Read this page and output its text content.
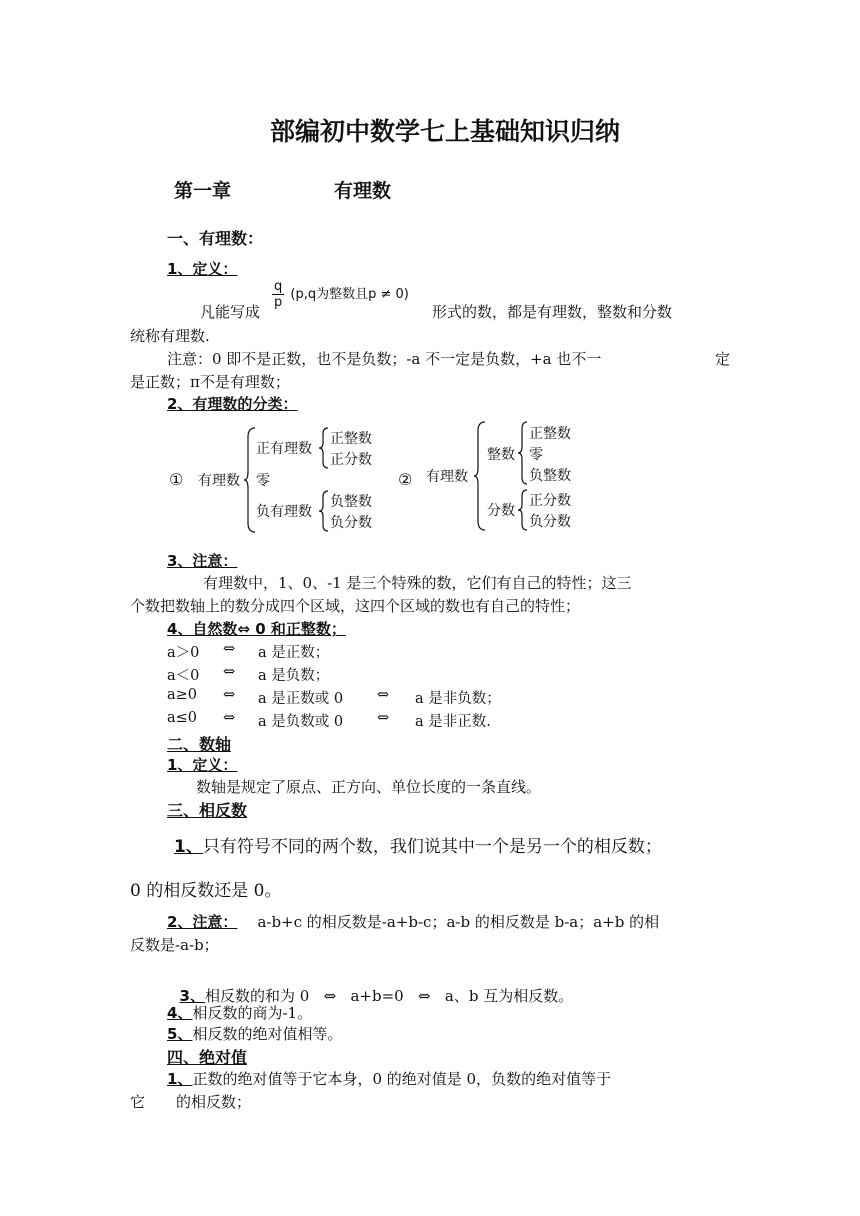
部编初中数学七上基础知识归纳
第一章	有理数
一、有理数：
1、定义：
凡能写成
$\frac{q}{p} (p,q$为整数且p ≠ 0)
形式的数，都是有理数，整数和分数
统称有理数.
注意：0 即不是正数，也不是负数；-a 不一定是负数，+a 也不一	定
是正数；π不是有理数；
2、有理数的分类：
① 有理数
正有理数
正整数
正分数
零
负有理数
负整数
负分数
② 有理数
整数
正整数
零
负整数
分数
正分数
负分数
3、注意：
有理数中，1、0、-1 是三个特殊的数，它们有自己的特性；这三
个数把数轴上的数分成四个区域，这四个区域的数也有自己的特性；
4、自然数⇔ 0 和正整数；
a＞0 ⇔ a 是正数；
a＜0 ⇔ a 是负数；
a≥0 ⇔ a 是正数或 0 ⇔ a 是非负数；
a≤0 ⇔ a 是负数或 0 ⇔ a 是非正数.
二、数轴
1、定义：
数轴是规定了原点、正方向、单位长度的一条直线。
三、相反数
1、只有符号不同的两个数，我们说其中一个是另一个的相反数；
0 的相反数还是 0。
2、注意： a-b+c 的相反数是-a+b-c；a-b 的相反数是 b-a；a+b 的相
反数是-a-b；

3、相反数的和为 0   ⇔   a+b=0   ⇔   a、b 互为相反数。

4、相反数的商为-1。
5、相反数的绝对值相等。
四、绝对值
1、正数的绝对值等于它本身，0 的绝对值是 0，负数的绝对值等于
它 的相反数；
